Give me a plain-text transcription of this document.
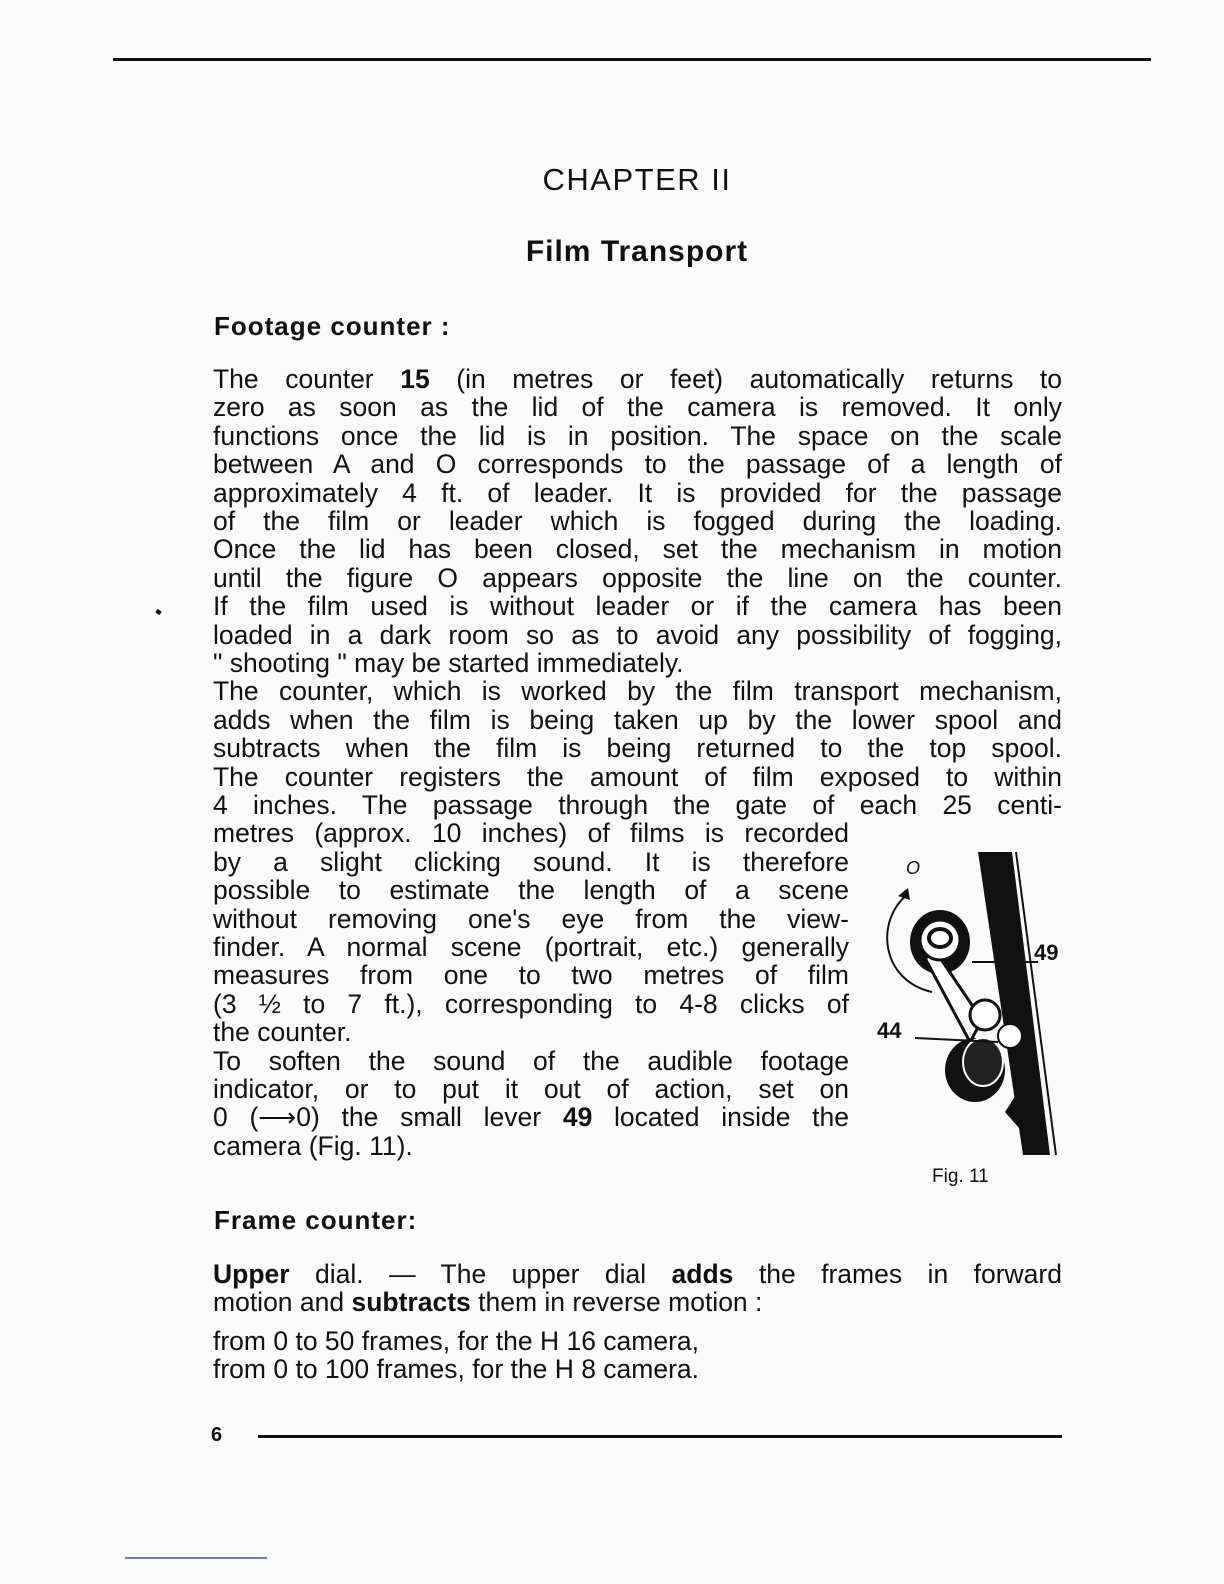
CHAPTER II
Film Transport
Footage counter :
The counter 15 (in metres or feet) automatically returns to
zero as soon as the lid of the camera is removed. It only
functions once the lid is in position. The space on the scale
between A and O corresponds to the passage of a length of
approximately 4 ft. of leader. It is provided for the passage
of the film or leader which is fogged during the loading.
Once the lid has been closed, set the mechanism in motion
until the figure O appears opposite the line on the counter.
If the film used is without leader or if the camera has been
loaded in a dark room so as to avoid any possibility of fogging,
" shooting " may be started immediately.
The counter, which is worked by the film transport mechanism,
adds when the film is being taken up by the lower spool and
subtracts when the film is being returned to the top spool.
The counter registers the amount of film exposed to within
4 inches. The passage through the gate of each 25 centi-
metres (approx. 10 inches) of films is recorded
by a slight clicking sound. It is therefore
possible to estimate the length of a scene
without removing one's eye from the view-
finder. A normal scene (portrait, etc.) generally
measures from one to two metres of film
(3 ½ to 7 ft.), corresponding to 4-8 clicks of
the counter.
To soften the sound of the audible footage
indicator, or to put it out of action, set on
0 (⟶0) the small lever 49 located inside the
camera (Fig. 11).
Frame counter:
Upper dial. — The upper dial adds the frames in forward
motion and subtracts them in reverse motion :
from 0 to 50 frames, for the H 16 camera,
from 0 to 100 frames, for the H 8 camera.
O
49
44
Fig. 11
6
